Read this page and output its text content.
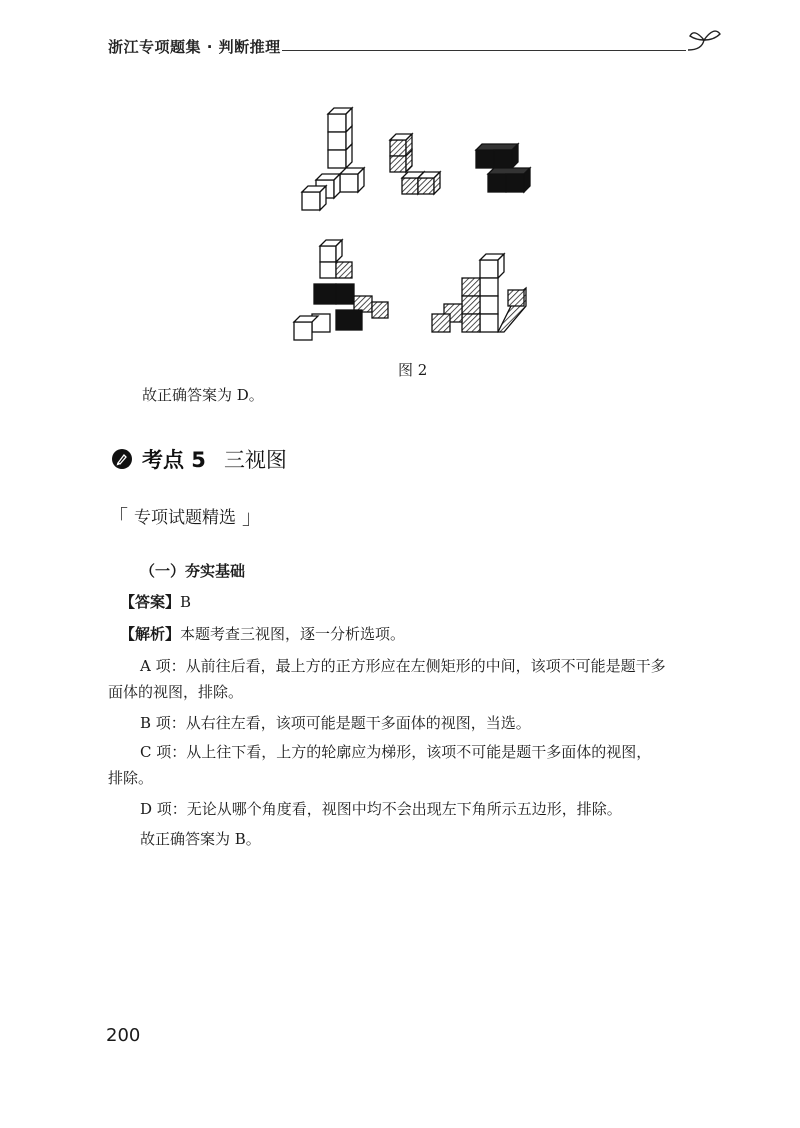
浙江专项题集 · 判断推理
图 2
故正确答案为 D。
考点 5 三视图
「 专项试题精选 」
（一）夯实基础
【答案】B
【解析】本题考查三视图，逐一分析选项。
A 项：从前往后看，最上方的正方形应在左侧矩形的中间，该项不可能是题干多
面体的视图，排除。
B 项：从右往左看，该项可能是题干多面体的视图，当选。
C 项：从上往下看，上方的轮廓应为梯形，该项不可能是题干多面体的视图，
排除。
D 项：无论从哪个角度看，视图中均不会出现左下角所示五边形，排除。
故正确答案为 B。
200
